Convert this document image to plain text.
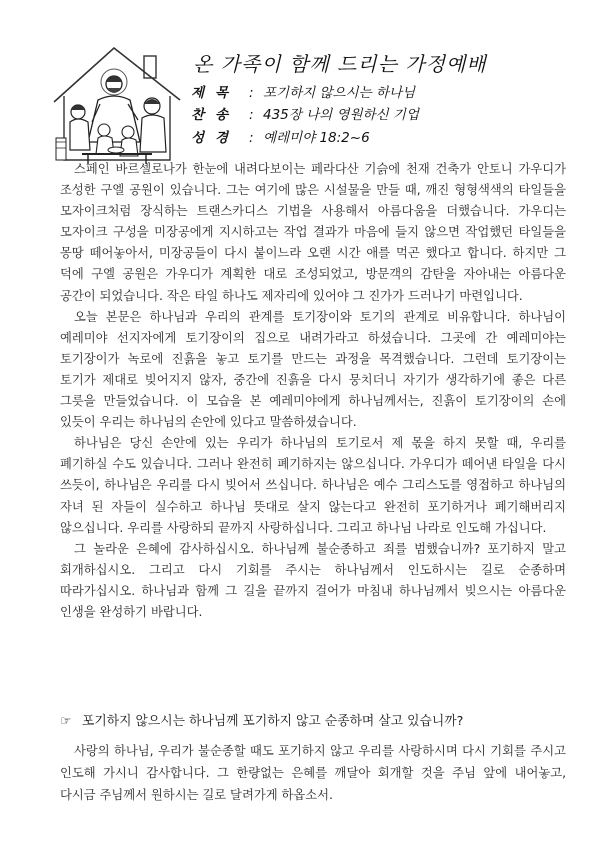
온 가족이 함께 드리는 가정예배
제목 : 포기하지 않으시는 하나님
찬송 : 435장 나의 영원하신 기업
성경 : 예레미야 18:2~6

스페인 바르셀로나가 한눈에 내려다보이는 페라다산 기슭에 천재 건축가 안토니 가우디가 조성한 구엘 공원이 있습니다. 그는 여기에 많은 시설물을 만들 때, 깨진 형형색색의 타일들을 모자이크처럼 장식하는 트랜스카디스 기법을 사용해서 아름다움을 더했습니다. 가우디는 모자이크 구성을 미장공에게 지시하고는 작업 결과가 마음에 들지 않으면 작업했던 타일들을 몽땅 떼어놓아서, 미장공들이 다시 붙이느라 오랜 시간 애를 먹곤 했다고 합니다. 하지만 그 덕에 구엘 공원은 가우디가 계획한 대로 조성되었고, 방문객의 감탄을 자아내는 아름다운 공간이 되었습니다. 작은 타일 하나도 제자리에 있어야 그 진가가 드러나기 마련입니다.

오늘 본문은 하나님과 우리의 관계를 토기장이와 토기의 관계로 비유합니다. 하나님이 예레미야 선지자에게 토기장이의 집으로 내려가라고 하셨습니다. 그곳에 간 예레미야는 토기장이가 녹로에 진흙을 놓고 토기를 만드는 과정을 목격했습니다. 그런데 토기장이는 토기가 제대로 빚어지지 않자, 중간에 진흙을 다시 뭉치더니 자기가 생각하기에 좋은 다른 그릇을 만들었습니다. 이 모습을 본 예레미야에게 하나님께서는, 진흙이 토기장이의 손에 있듯이 우리는 하나님의 손안에 있다고 말씀하셨습니다.

하나님은 당신 손안에 있는 우리가 하나님의 토기로서 제 몫을 하지 못할 때, 우리를 폐기하실 수도 있습니다. 그러나 완전히 폐기하지는 않으십니다. 가우디가 떼어낸 타일을 다시 쓰듯이, 하나님은 우리를 다시 빚어서 쓰십니다. 하나님은 예수 그리스도를 영접하고 하나님의 자녀 된 자들이 실수하고 하나님 뜻대로 살지 않는다고 완전히 포기하거나 폐기해버리지 않으십니다. 우리를 사랑하되 끝까지 사랑하십니다. 그리고 하나님 나라로 인도해 가십니다.

그 놀라운 은혜에 감사하십시오. 하나님께 불순종하고 죄를 범했습니까? 포기하지 말고 회개하십시오. 그리고 다시 기회를 주시는 하나님께서 인도하시는 길로 순종하며 따라가십시오. 하나님과 함께 그 길을 끝까지 걸어가 마침내 하나님께서 빚으시는 아름다운 인생을 완성하기 바랍니다.

☞ 포기하지 않으시는 하나님께 포기하지 않고 순종하며 살고 있습니까?

사랑의 하나님, 우리가 불순종할 때도 포기하지 않고 우리를 사랑하시며 다시 기회를 주시고 인도해 가시니 감사합니다. 그 한량없는 은혜를 깨달아 회개할 것을 주님 앞에 내어놓고, 다시금 주님께서 원하시는 길로 달려가게 하옵소서.
